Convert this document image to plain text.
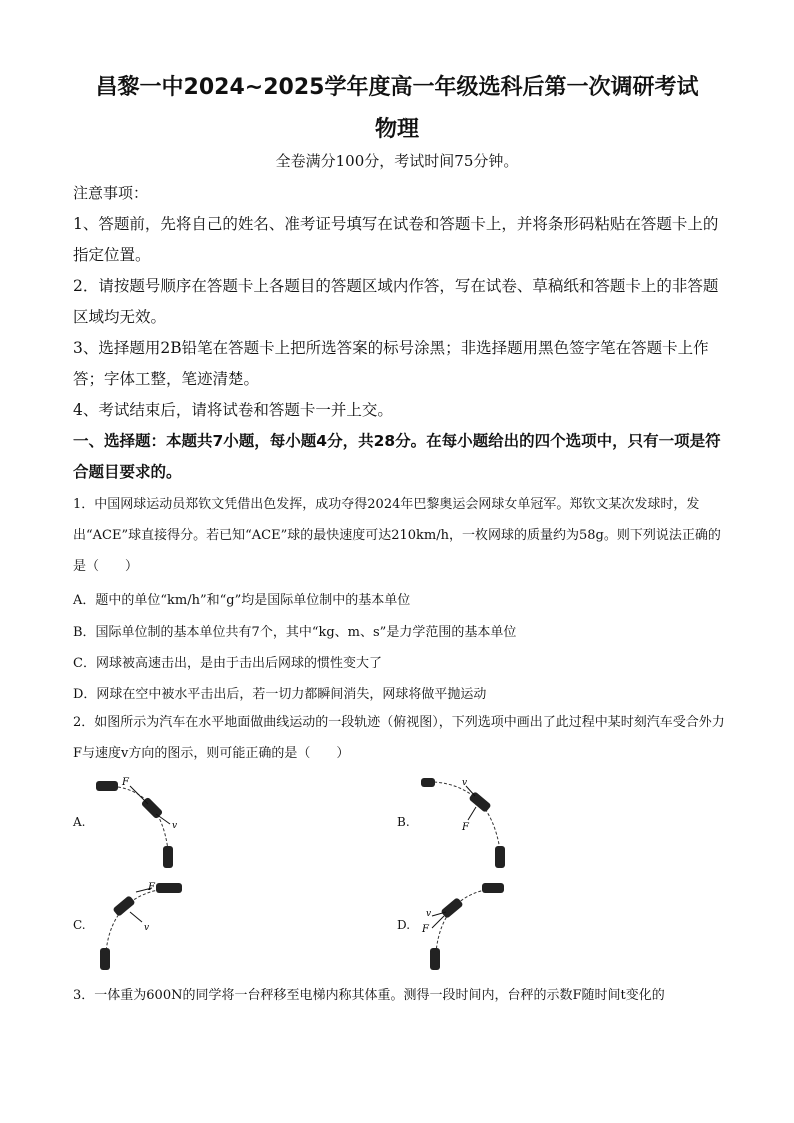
昌黎一中2024~2025学年度高一年级选科后第一次调研考试
物理
全卷满分100分，考试时间75分钟。
注意事项：
1、答题前，先将自己的姓名、准考证号填写在试卷和答题卡上，并将条形码粘贴在答题卡上的指定位置。
2．请按题号顺序在答题卡上各题目的答题区域内作答，写在试卷、草稿纸和答题卡上的非答题区域均无效。
3、选择题用2B铅笔在答题卡上把所选答案的标号涂黑；非选择题用黑色签字笔在答题卡上作答；字体工整，笔迹清楚。
4、考试结束后，请将试卷和答题卡一并上交。
一、选择题：本题共7小题，每小题4分，共28分。在每小题给出的四个选项中，只有一项是符合题目要求的。
1．中国网球运动员郑钦文凭借出色发挥，成功夺得2024年巴黎奥运会网球女单冠军。郑钦文某次发球时，发出“ACE”球直接得分。若已知“ACE”球的最快速度可达210km/h，一枚网球的质量约为58g。则下列说法正确的是（　　）
A．题中的单位“km/h”和“g”均是国际单位制中的基本单位
B．国际单位制的基本单位共有7个，其中“kg、m、s”是力学范围的基本单位
C．网球被高速击出，是由于击出后网球的惯性变大了
D．网球在空中被水平击出后，若一切力都瞬间消失，网球将做平抛运动
2．如图所示为汽车在水平地面做曲线运动的一段轨迹（俯视图），下列选项中画出了此过程中某时刻汽车受合外力F与速度v方向的图示，则可能正确的是（　　）
A.
F
v	B.
v
F
C.
F
v	D.
v
F
3．一体重为600N的同学将一台秤移至电梯内称其体重。测得一段时间内，台秤的示数F随时间t变化的
